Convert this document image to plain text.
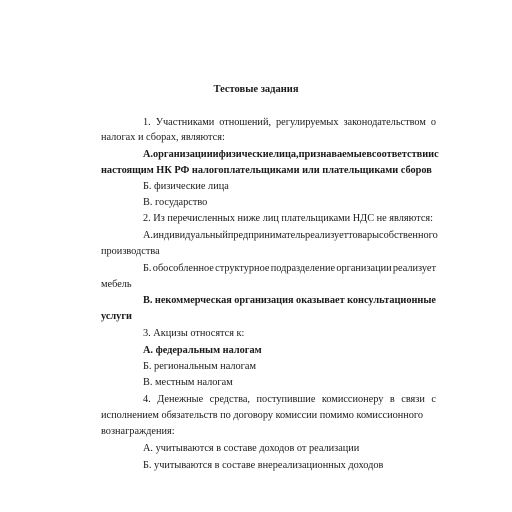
Тестовые задания
1. Участниками отношений, регулируемых законодательством о
налогах и сборах, являются:
А. организации и физические лица, признаваемые в соответствии с
настоящим НК РФ налогоплательщиками или плательщиками сборов
Б. физические лица
В. государство
2. Из перечисленных ниже лиц плательщиками НДС не являются:
А. индивидуальный предприниматель реализует товары собственного
производства
Б. обособленное структурное подразделение организации реализует
мебель
В. некоммерческая организация оказывает консультационные
услуги
3. Акцизы относятся к:
А. федеральным налогам
Б. региональным налогам
В. местным налогам
4. Денежные средства, поступившие комиссионеру в связи с
исполнением обязательств по договору комиссии помимо комиссионного
вознаграждения:
А. учитываются в составе доходов от реализации
Б. учитываются в составе внереализационных доходов
